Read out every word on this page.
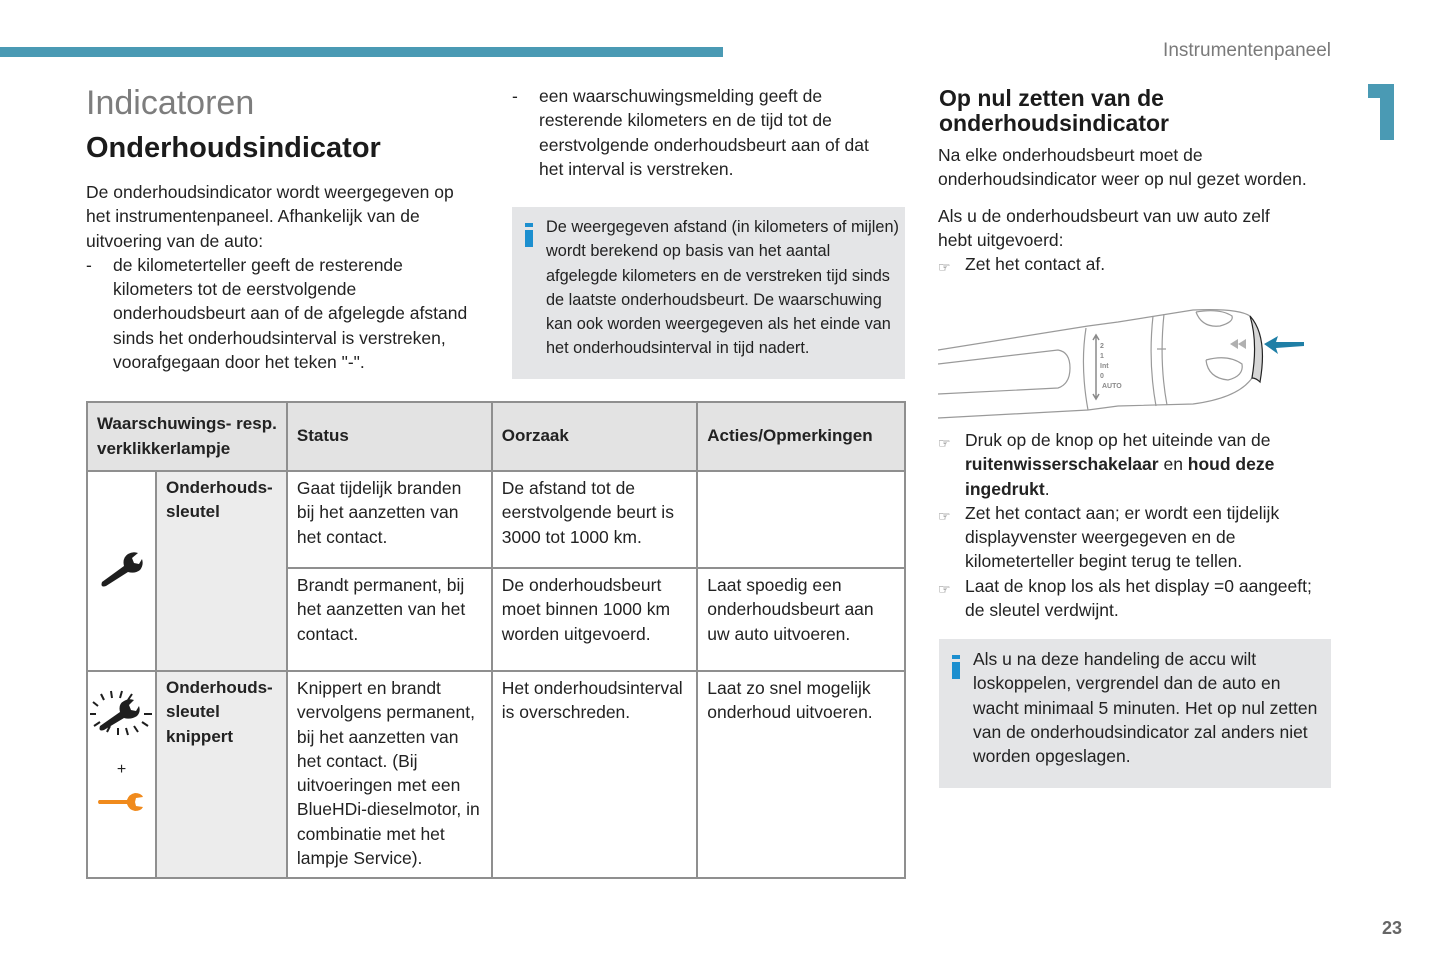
Instrumentenpaneel
Indicatoren
Onderhoudsindicator

De onderhoudsindicator wordt weergegeven op het instrumentenpaneel. Afhankelijk van de uitvoering van de auto:

-	de kilometerteller geeft de resterende kilometers tot de eerstvolgende onderhoudsbeurt aan of de afgelegde afstand sinds het onderhoudsinterval is verstreken, voorafgegaan door het teken "-".
-	een waarschuwingsmelding geeft de resterende kilometers en de tijd tot de eerstvolgende onderhoudsbeurt aan of dat het interval is verstreken.
De weergegeven afstand (in kilometers of mijlen) wordt berekend op basis van het aantal afgelegde kilometers en de verstreken tijd sinds de laatste onderhoudsbeurt. De waarschuwing kan ook worden weergegeven als het einde van het onderhoudsinterval in tijd nadert.
Op nul zetten van de onderhoudsindicator

Na elke onderhoudsbeurt moet de onderhoudsindicator weer op nul gezet worden.

Als u de onderhoudsbeurt van uw auto zelf hebt uitgevoerd:

☞ Zet het contact af.
2
1
Int
0
AUTO
☞ Druk op de knop op het uiteinde van de ruitenwisserschakelaar en houd deze ingedrukt.
☞ Zet het contact aan; er wordt een tijdelijk displayvenster weergegeven en de kilometerteller begint terug te tellen.
☞ Laat de knop los als het display =0 aangeeft; de sleutel verdwijnt.
Als u na deze handeling de accu wilt loskoppelen, vergrendel dan de auto en wacht minimaal 5 minuten. Het op nul zetten van de onderhoudsindicator zal anders niet worden opgeslagen.
Waarschuwings- resp. verklikkerlampje		Status	Oorzaak	Acties/Opmerkingen
	Onderhouds- sleutel	Gaat tijdelijk branden bij het aanzetten van het contact.	De afstand tot de eerstvolgende beurt is 3000 tot 1000 km.	
		Brandt permanent, bij het aanzetten van het contact.	De onderhoudsbeurt moet binnen 1000 km worden uitgevoerd.	Laat spoedig een onderhoudsbeurt aan uw auto uitvoeren.

+	Onderhouds- sleutel knippert	Knippert en brandt vervolgens permanent, bij het aanzetten van het contact. (Bij uitvoeringen met een BlueHDi-dieselmotor, in combinatie met het lampje Service).	Het onderhoudsinterval is overschreden.	Laat zo snel mogelijk onderhoud uitvoeren.
23
